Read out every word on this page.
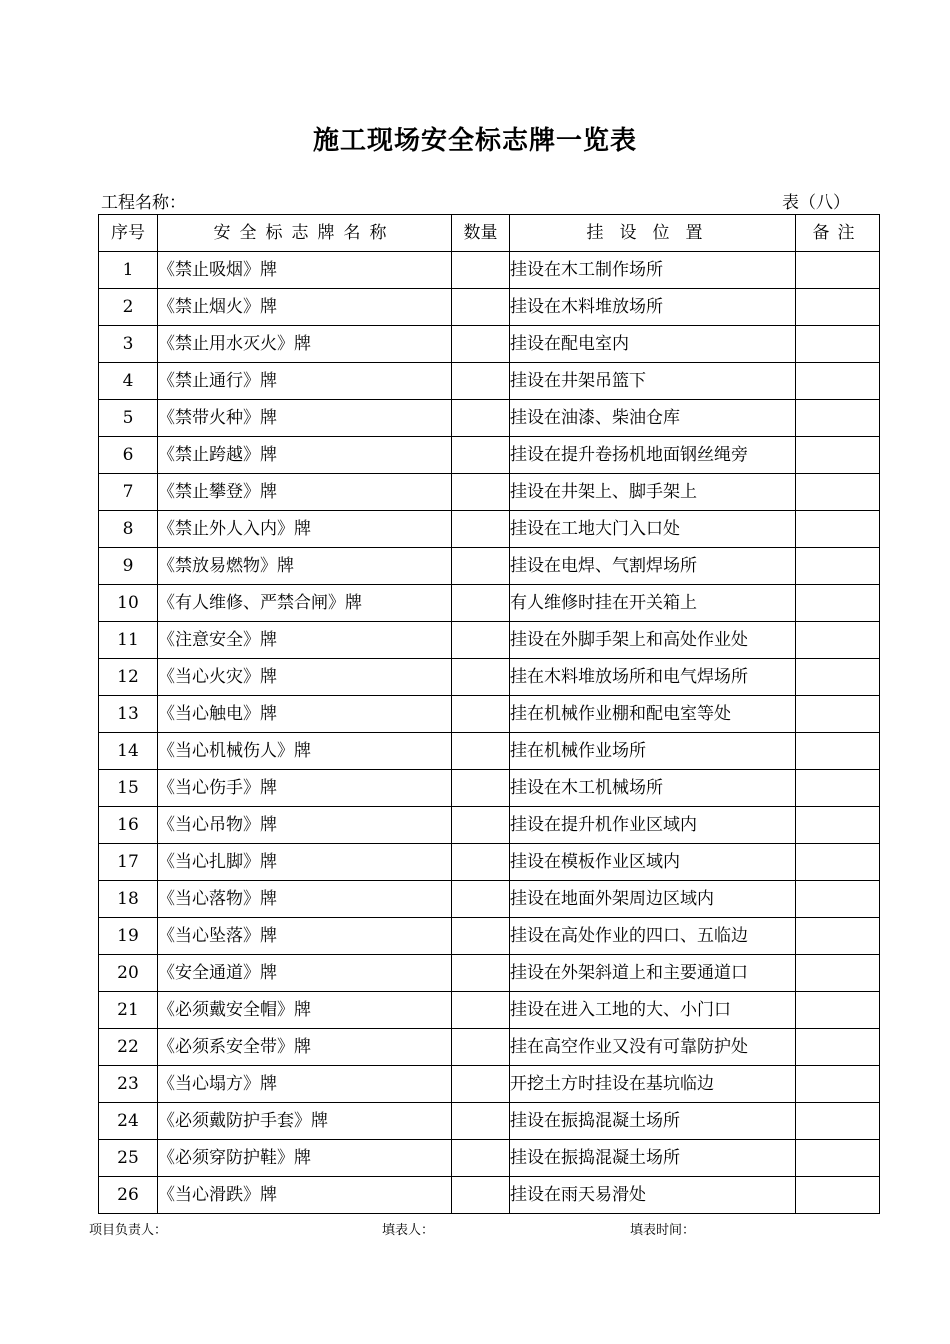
施工现场安全标志牌一览表
工程名称：	表（八）
序号	安全标志牌名称	数量	挂设位置	备注
1	《禁止吸烟》牌		挂设在木工制作场所	
2	《禁止烟火》牌		挂设在木料堆放场所	
3	《禁止用水灭火》牌		挂设在配电室内	
4	《禁止通行》牌		挂设在井架吊篮下	
5	《禁带火种》牌		挂设在油漆、柴油仓库	
6	《禁止跨越》牌		挂设在提升卷扬机地面钢丝绳旁	
7	《禁止攀登》牌		挂设在井架上、脚手架上	
8	《禁止外人入内》牌		挂设在工地大门入口处	
9	《禁放易燃物》牌		挂设在电焊、气割焊场所	
10	《有人维修、严禁合闸》牌		有人维修时挂在开关箱上	
11	《注意安全》牌		挂设在外脚手架上和高处作业处	
12	《当心火灾》牌		挂在木料堆放场所和电气焊场所	
13	《当心触电》牌		挂在机械作业棚和配电室等处	
14	《当心机械伤人》牌		挂在机械作业场所	
15	《当心伤手》牌		挂设在木工机械场所	
16	《当心吊物》牌		挂设在提升机作业区域内	
17	《当心扎脚》牌		挂设在模板作业区域内	
18	《当心落物》牌		挂设在地面外架周边区域内	
19	《当心坠落》牌		挂设在高处作业的四口、五临边	
20	《安全通道》牌		挂设在外架斜道上和主要通道口	
21	《必须戴安全帽》牌		挂设在进入工地的大、小门口	
22	《必须系安全带》牌		挂在高空作业又没有可靠防护处	
23	《当心塌方》牌		开挖土方时挂设在基坑临边	
24	《必须戴防护手套》牌		挂设在振捣混凝土场所	
25	《必须穿防护鞋》牌		挂设在振捣混凝土场所	
26	《当心滑跌》牌		挂设在雨天易滑处	
项目负责人：	填表人：	填表时间：
